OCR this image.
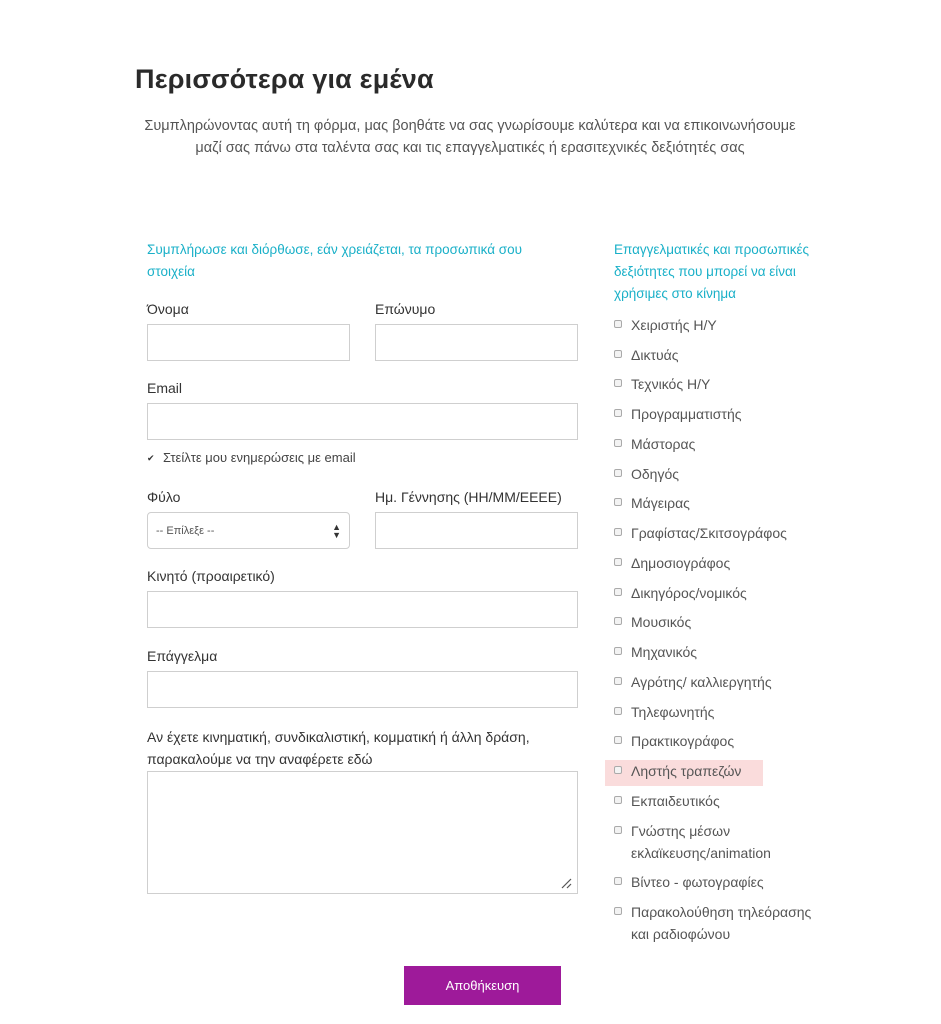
Περισσότερα για εμένα
Συμπληρώνοντας αυτή τη φόρμα, μας βοηθάτε να σας γνωρίσουμε καλύτερα και να επικοινωνήσουμε μαζί σας πάνω στα ταλέντα σας και τις επαγγελματικές ή ερασιτεχνικές δεξιότητές σας
Συμπλήρωσε και διόρθωσε, εάν χρειάζεται, τα προσωπικά σου στοιχεία
Όνομα	Επώνυμο
Email
✔ Στείλτε μου ενημερώσεις με email
Φύλο
-- Επίλεξε --	▲
▼
Ημ. Γέννησης (ΗΗ/ΜΜ/ΕΕΕΕ)
Κινητό (προαιρετικό)
Επάγγελμα
Αν έχετε κινηματική, συνδικαλιστική, κομματική ή άλλη δράση, παρακαλούμε να την αναφέρετε εδώ
Επαγγελματικές και προσωπικές δεξιότητες που μπορεί να είναι χρήσιμες στο κίνημα
Χειριστής Η/Υ
Δικτυάς
Τεχνικός Η/Υ
Προγραμματιστής
Μάστορας
Οδηγός
Μάγειρας
Γραφίστας/Σκιτσογράφος
Δημοσιογράφος
Δικηγόρος/νομικός
Μουσικός
Μηχανικός
Αγρότης/ καλλιεργητής
Τηλεφωνητής
Πρακτικογράφος
Ληστής τραπεζών
Εκπαιδευτικός
Γνώστης μέσων εκλαϊκευσης/animation
Βίντεο - φωτογραφίες
Παρακολούθηση τηλεόρασης και ραδιοφώνου
Αποθήκευση
